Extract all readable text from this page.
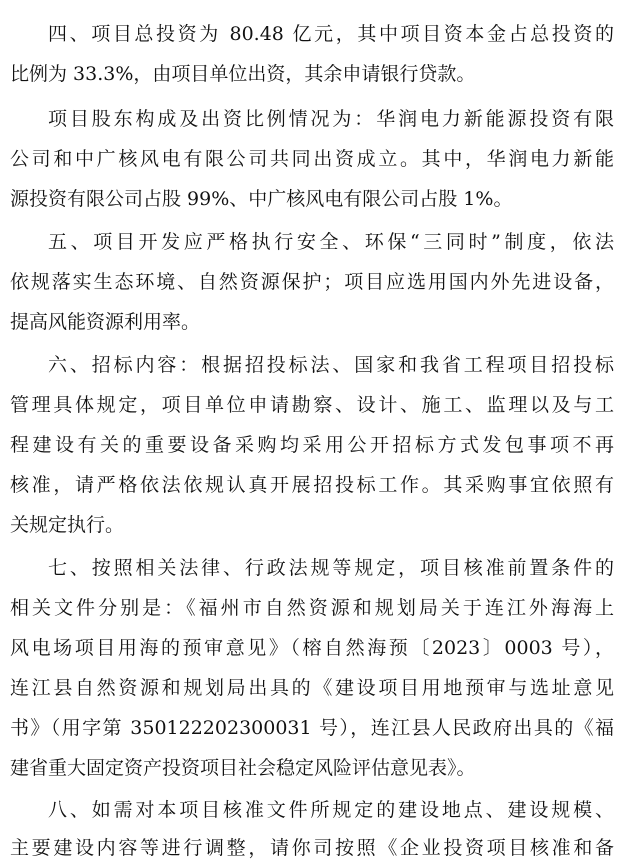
四、项目总投资为 80.48 亿元，其中项目资本金占总投资的
比例为 33.3%，由项目单位出资，其余申请银行贷款。
项目股东构成及出资比例情况为：华润电力新能源投资有限
公司和中广核风电有限公司共同出资成立。其中，华润电力新能
源投资有限公司占股 99%、中广核风电有限公司占股 1%。
五、项目开发应严格执行安全、环保“三同时”制度，依法
依规落实生态环境、自然资源保护；项目应选用国内外先进设备，
提高风能资源利用率。
六、招标内容：根据招投标法、国家和我省工程项目招投标
管理具体规定，项目单位申请勘察、设计、施工、监理以及与工
程建设有关的重要设备采购均采用公开招标方式发包事项不再
核准，请严格依法依规认真开展招投标工作。其采购事宜依照有
关规定执行。
七、按照相关法律、行政法规等规定，项目核准前置条件的
相关文件分别是：《福州市自然资源和规划局关于连江外海海上
风电场项目用海的预审意见》（榕自然海预〔2023〕0003 号），
连江县自然资源和规划局出具的《建设项目用地预审与选址意见
书》（用字第 350122202300031 号），连江县人民政府出具的《福
建省重大固定资产投资项目社会稳定风险评估意见表》。
八、如需对本项目核准文件所规定的建设地点、建设规模、
主要建设内容等进行调整，请你司按照《企业投资项目核准和备
